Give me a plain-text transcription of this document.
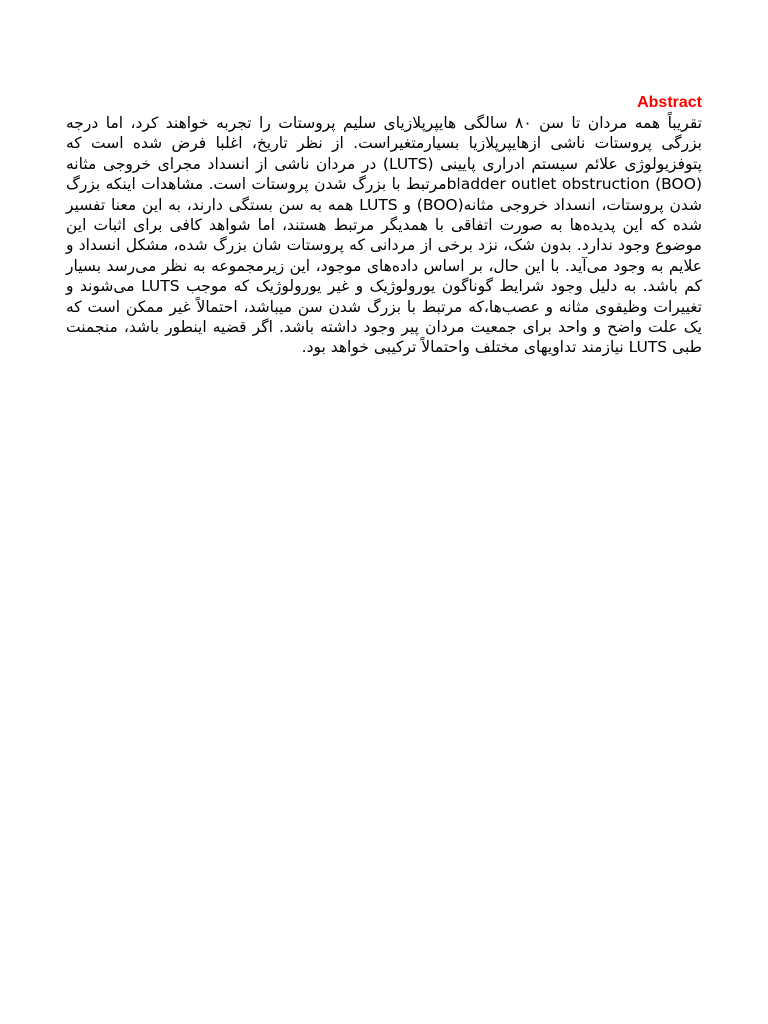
Abstract

تقریباً همه مردان تا سن ۸۰ سالگی هایپرپلازیای سلیم پروستات را تجربه خواهند کرد، اما درجه بزرگی پروستات ناشی ازهایپرپلازیا بسیارمتغیراست. از نظر تاریخ، اغلبا فرض شده است که پتوفزیولوژی علائم سیستم ادراری پایینی (LUTS) در مردان ناشی از انسداد مجرای خروجی مثانه (BOO) bladder outlet obstructionمرتبط با بزرگ شدن پروستات است. مشاهدات اینکه بزرگ شدن پروستات، انسداد خروجی مثانه(BOO) و LUTS همه به سن بستگی دارند، به این معنا تفسیر شده که این پدیده‌ها به صورت اتفاقی با همدیگر مرتبط هستند، اما شواهد کافی برای اثبات این موضوع وجود ندارد. بدون شک، نزد برخی از مردانی که پروستات شان بزرگ شده، مشکل انسداد و علایم به وجود می‌آید. با این حال، بر اساس داده‌های موجود، این زیرمجموعه به نظر می‌رسد بسیار کم باشد. به دلیل وجود شرایط گوناگون یورولوژیک و غیر یورولوژیک که موجب LUTS می‌شوند و تغییرات وظیفوی مثانه و عصب‌ها،که مرتبط با بزرگ شدن سن میباشد، احتمالاً غیر ممکن است که یک علت واضح و واحد برای جمعیت مردان پیر وجود داشته باشد. اگر قضیه اینطور باشد، منجمنت طبی LUTS نیازمند تداویهای مختلف واحتمالاً ترکیبی خواهد بود.
